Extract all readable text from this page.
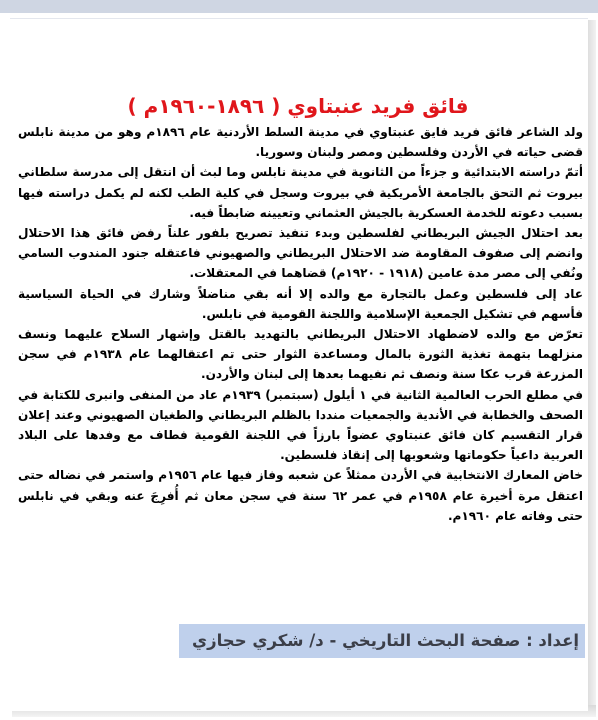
فائق فريد عنبتاوي ( ١٨٩٦-١٩٦٠م )

ولد الشاعر فائق فريد فايق عنبتاوي في مدينة السلط الأردنية عام ١٨٩٦م وهو من مدينة نابلس قضى حياته في الأردن وفلسطين ومصر ولبنان وسوريا.

أتمّ دراسته الابتدائية و جزءاً من الثانوية في مدينة نابلس وما لبث أن انتقل إلى مدرسة سلطاني بيروت ثم التحق بالجامعة الأمريكية في بيروت وسجل في كلية الطب لكنه لم يكمل دراسته فيها بسبب دعوته للخدمة العسكرية بالجيش العثماني وتعيينه ضابطاً فيه.

بعد احتلال الجيش البريطاني لفلسطين وبدء تنفيذ تصريح بلفور علناً رفض فائق هذا الاحتلال وانضم إلى صفوف المقاومة ضد الاحتلال البريطاني والصهيوني فاعتقله جنود المندوب السامي ونُفي إلى مصر مدة عامين (١٩١٨ - ١٩٢٠م) قضاهما في المعتقلات.

عاد إلى فلسطين وعمل بالتجارة مع والده إلا أنه بقي مناضلاً وشارك في الحياة السياسية فأسهم في تشكيل الجمعية الإسلامية واللجنة القومية في نابلس.

تعرّض مع والده لاضطهاد الاحتلال البريطاني بالتهديد بالقتل وإشهار السلاح عليهما ونسف منزلهما بتهمة تغذية الثورة بالمال ومساعدة الثوار حتى تم اعتقالهما عام ١٩٣٨م في سجن المزرعة قرب عكا سنة ونصف ثم نفيهما بعدها إلى لبنان والأردن.

في مطلع الحرب العالمية الثانية في ١ أيلول (سبتمبر) ١٩٣٩م عاد من المنفى وانبرى للكتابة في الصحف والخطابة في الأندية والجمعيات منددا بالظلم البريطاني والطغيان الصهيوني وعند إعلان قرار التقسيم كان فائق عنبتاوي عضواً بارزاً في اللجنة القومية فطاف مع وفدها على البلاد العربية داعياً حكوماتها وشعوبها إلى إنقاذ فلسطين.

خاض المعارك الانتخابية في الأردن ممثلاً عن شعبه وفاز فيها عام ١٩٥٦م واستمر في نضاله حتى اعتقل مرة أخيرة عام ١٩٥٨م في عمر ٦٢ سنة في سجن معان ثم أُفرِجَ عنه وبقي في نابلس حتى وفاته عام ١٩٦٠م.

إعداد : صفحة البحث التاريخي - د/ شكري حجازي
